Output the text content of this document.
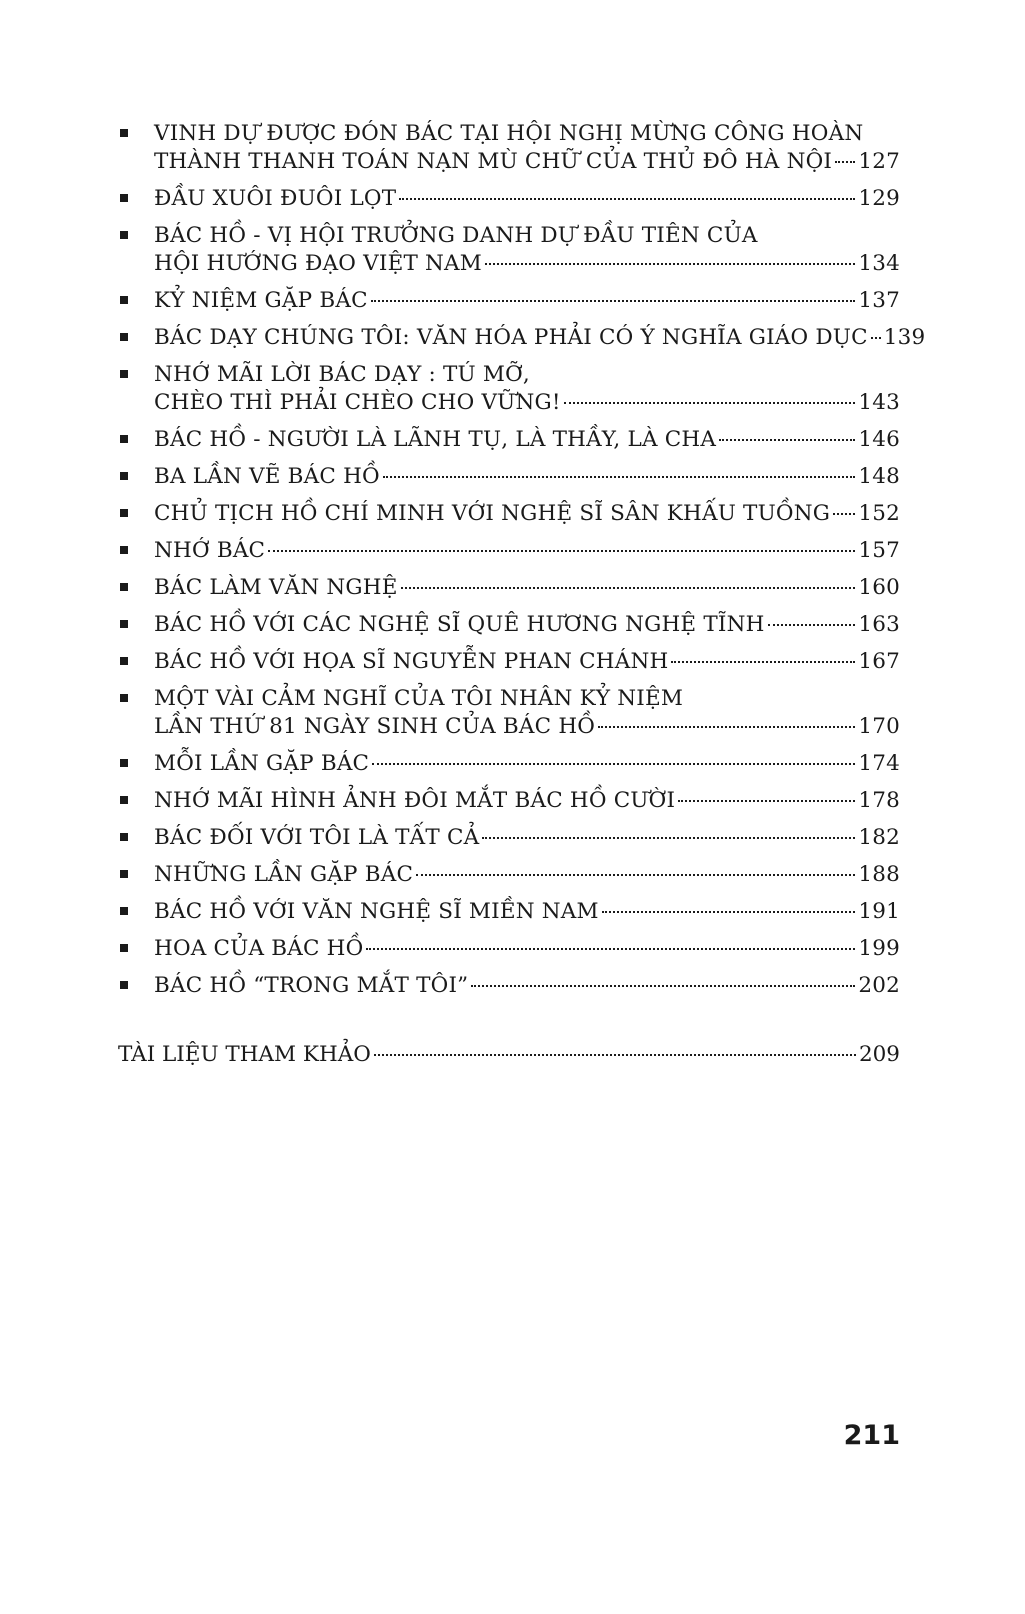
VINH DỰ ĐƯỢC ĐÓN BÁC TẠI HỘI NGHỊ MỪNG CÔNG HOÀN
THÀNH THANH TOÁN NẠN MÙ CHỮ CỦA THỦ ĐÔ HÀ NỘI 127
ĐẦU XUÔI ĐUÔI LỌT	129
BÁC HỒ - VỊ HỘI TRƯỞNG DANH DỰ ĐẦU TIÊN CỦA
HỘI HƯỚNG ĐẠO VIỆT NAM	134
KỶ NIỆM GẶP BÁC	137
BÁC DẠY CHÚNG TÔI: VĂN HÓA PHẢI CÓ Ý NGHĨA GIÁO DỤC 139
NHỚ MÃI LỜI BÁC DẠY : TÚ MỠ,
CHÈO THÌ PHẢI CHÈO CHO VỮNG!	143
BÁC HỒ - NGƯỜI LÀ LÃNH TỤ, LÀ THẦY, LÀ CHA	146
BA LẦN VẼ BÁC HỒ	148
CHỦ TỊCH HỒ CHÍ MINH VỚI NGHỆ SĨ SÂN KHẤU TUỒNG 152
NHỚ BÁC	157
BÁC LÀM VĂN NGHỆ	160
BÁC HỒ VỚI CÁC NGHỆ SĨ QUÊ HƯƠNG NGHỆ TĨNH	163
BÁC HỒ VỚI HỌA SĨ NGUYỄN PHAN CHÁNH	167
MỘT VÀI CẢM NGHĨ CỦA TÔI NHÂN KỶ NIỆM
LẦN THỨ 81 NGÀY SINH CỦA BÁC HỒ	170
MỖI LẦN GẶP BÁC	174
NHỚ MÃI HÌNH ẢNH ĐÔI MẮT BÁC HỒ CƯỜI	178
BÁC ĐỐI VỚI TÔI LÀ TẤT CẢ	182
NHỮNG LẦN GẶP BÁC	188
BÁC HỒ VỚI VĂN NGHỆ SĨ MIỀN NAM	191
HOA CỦA BÁC HỒ	199
BÁC HỒ “TRONG MẮT TÔI”	202
TÀI LIỆU THAM KHẢO	209
211
